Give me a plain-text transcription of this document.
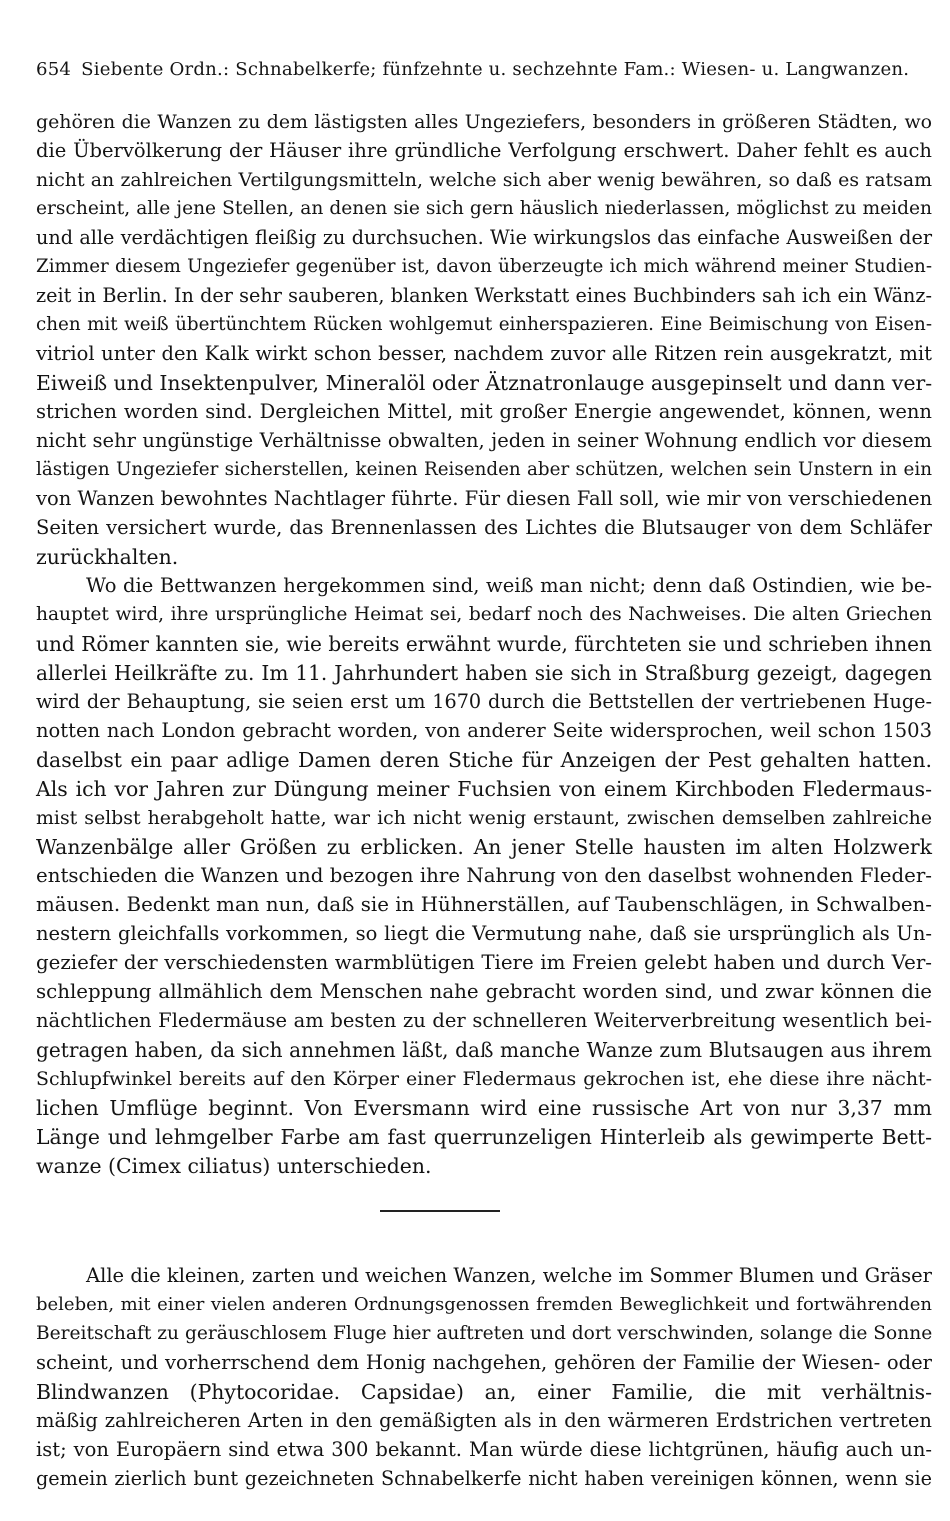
654 Siebente Ordn.: Schnabelkerfe; fünfzehnte u. sechzehnte Fam.: Wiesen- u. Langwanzen.
gehören die Wanzen zu dem lästigsten alles Ungeziefers, besonders in größeren Städten, wo
die Übervölkerung der Häuser ihre gründliche Verfolgung erschwert. Daher fehlt es auch
nicht an zahlreichen Vertilgungsmitteln, welche sich aber wenig bewähren, so daß es ratsam
erscheint, alle jene Stellen, an denen sie sich gern häuslich niederlassen, möglichst zu meiden
und alle verdächtigen fleißig zu durchsuchen. Wie wirkungslos das einfache Ausweißen der
Zimmer diesem Ungeziefer gegenüber ist, davon überzeugte ich mich während meiner Studien-
zeit in Berlin. In der sehr sauberen, blanken Werkstatt eines Buchbinders sah ich ein Wänz-
chen mit weiß übertünchtem Rücken wohlgemut einherspazieren. Eine Beimischung von Eisen-
vitriol unter den Kalk wirkt schon besser, nachdem zuvor alle Ritzen rein ausgekratzt, mit
Eiweiß und Insektenpulver, Mineralöl oder Ätznatronlauge ausgepinselt und dann ver-
strichen worden sind. Dergleichen Mittel, mit großer Energie angewendet, können, wenn
nicht sehr ungünstige Verhältnisse obwalten, jeden in seiner Wohnung endlich vor diesem
lästigen Ungeziefer sicherstellen, keinen Reisenden aber schützen, welchen sein Unstern in ein
von Wanzen bewohntes Nachtlager führte. Für diesen Fall soll, wie mir von verschiedenen
Seiten versichert wurde, das Brennenlassen des Lichtes die Blutsauger von dem Schläfer
zurückhalten.
Wo die Bettwanzen hergekommen sind, weiß man nicht; denn daß Ostindien, wie be-
hauptet wird, ihre ursprüngliche Heimat sei, bedarf noch des Nachweises. Die alten Griechen
und Römer kannten sie, wie bereits erwähnt wurde, fürchteten sie und schrieben ihnen
allerlei Heilkräfte zu. Im 11. Jahrhundert haben sie sich in Straßburg gezeigt, dagegen
wird der Behauptung, sie seien erst um 1670 durch die Bettstellen der vertriebenen Huge-
notten nach London gebracht worden, von anderer Seite widersprochen, weil schon 1503
daselbst ein paar adlige Damen deren Stiche für Anzeigen der Pest gehalten hatten.
Als ich vor Jahren zur Düngung meiner Fuchsien von einem Kirchboden Fledermaus-
mist selbst herabgeholt hatte, war ich nicht wenig erstaunt, zwischen demselben zahlreiche
Wanzenbälge aller Größen zu erblicken. An jener Stelle hausten im alten Holzwerk
entschieden die Wanzen und bezogen ihre Nahrung von den daselbst wohnenden Fleder-
mäusen. Bedenkt man nun, daß sie in Hühnerställen, auf Taubenschlägen, in Schwalben-
nestern gleichfalls vorkommen, so liegt die Vermutung nahe, daß sie ursprünglich als Un-
geziefer der verschiedensten warmblütigen Tiere im Freien gelebt haben und durch Ver-
schleppung allmählich dem Menschen nahe gebracht worden sind, und zwar können die
nächtlichen Fledermäuse am besten zu der schnelleren Weiterverbreitung wesentlich bei-
getragen haben, da sich annehmen läßt, daß manche Wanze zum Blutsaugen aus ihrem
Schlupfwinkel bereits auf den Körper einer Fledermaus gekrochen ist, ehe diese ihre nächt-
lichen Umflüge beginnt. Von Eversmann wird eine russische Art von nur 3,37 mm
Länge und lehmgelber Farbe am fast querrunzeligen Hinterleib als gewimperte Bett-
wanze (Cimex ciliatus) unterschieden.
Alle die kleinen, zarten und weichen Wanzen, welche im Sommer Blumen und Gräser
beleben, mit einer vielen anderen Ordnungsgenossen fremden Beweglichkeit und fortwährenden
Bereitschaft zu geräuschlosem Fluge hier auftreten und dort verschwinden, solange die Sonne
scheint, und vorherrschend dem Honig nachgehen, gehören der Familie der Wiesen- oder
Blindwanzen (Phytocoridae. Capsidae) an, einer Familie, die mit verhältnis-
mäßig zahlreicheren Arten in den gemäßigten als in den wärmeren Erdstrichen vertreten
ist; von Europäern sind etwa 300 bekannt. Man würde diese lichtgrünen, häufig auch un-
gemein zierlich bunt gezeichneten Schnabelkerfe nicht haben vereinigen können, wenn sie
